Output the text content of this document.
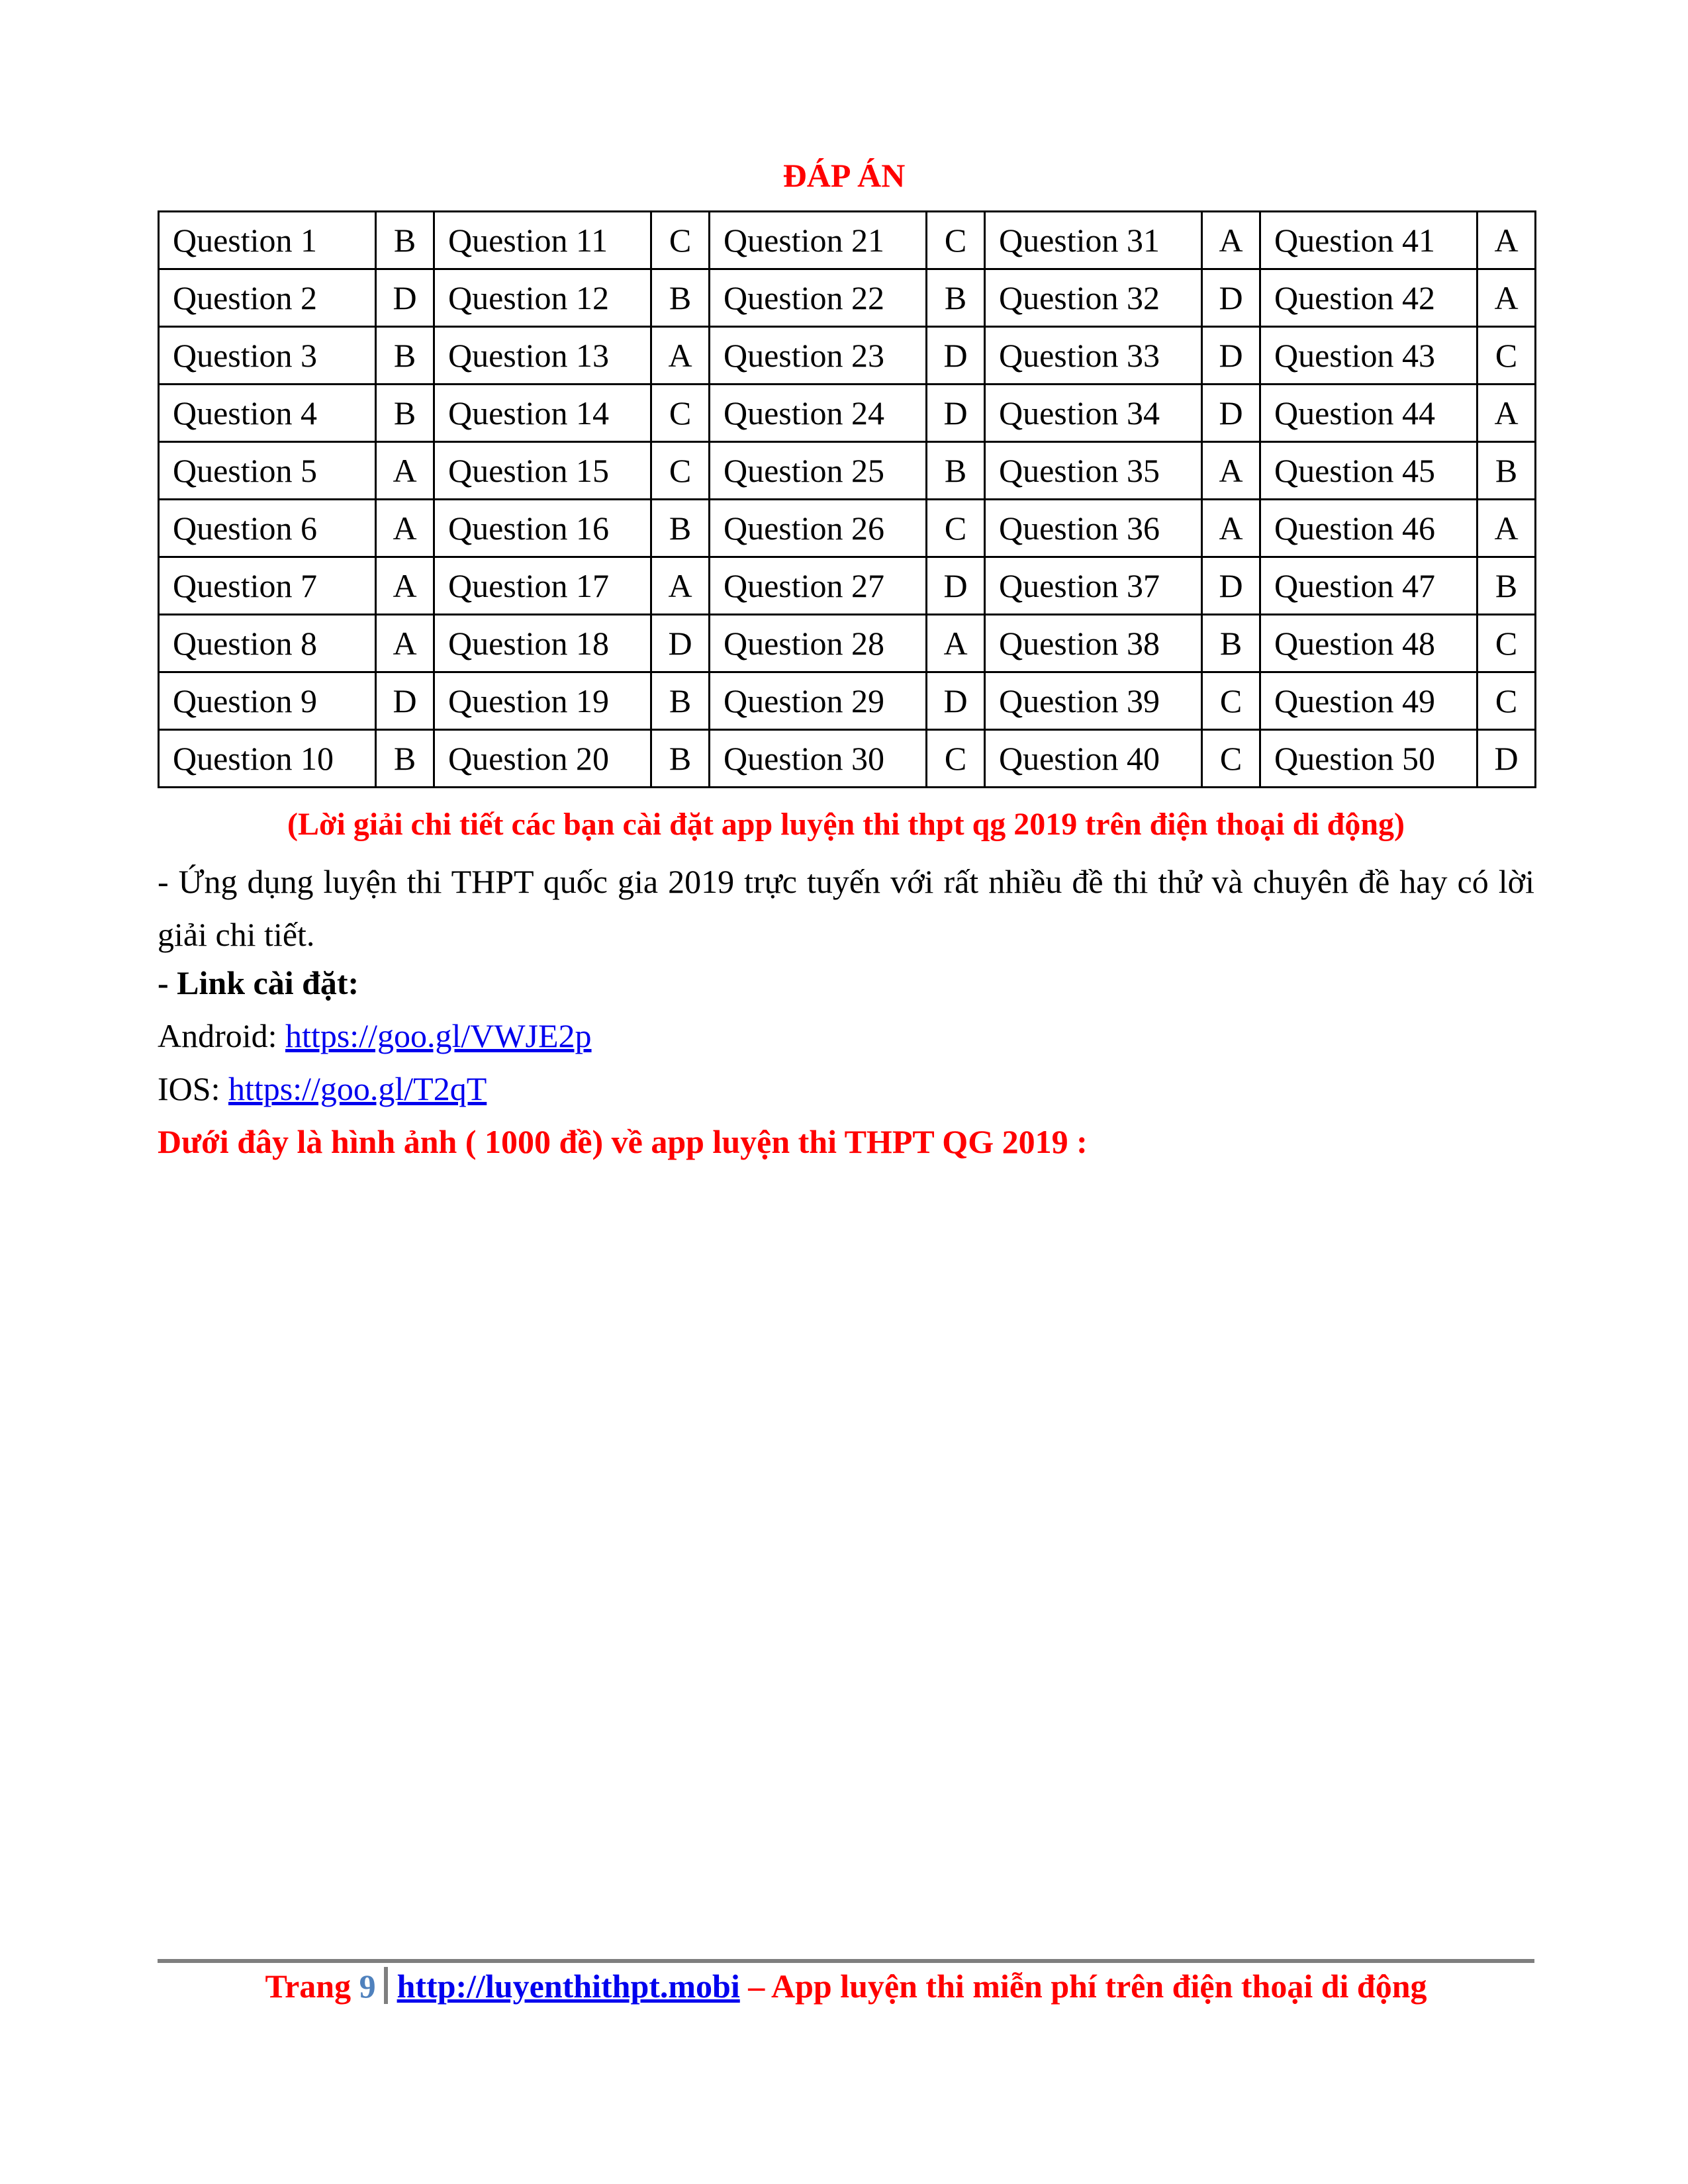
ĐÁP ÁN
Question 1	B	Question 11	C	Question 21	C	Question 31	A	Question 41	A
Question 2	D	Question 12	B	Question 22	B	Question 32	D	Question 42	A
Question 3	B	Question 13	A	Question 23	D	Question 33	D	Question 43	C
Question 4	B	Question 14	C	Question 24	D	Question 34	D	Question 44	A
Question 5	A	Question 15	C	Question 25	B	Question 35	A	Question 45	B
Question 6	A	Question 16	B	Question 26	C	Question 36	A	Question 46	A
Question 7	A	Question 17	A	Question 27	D	Question 37	D	Question 47	B
Question 8	A	Question 18	D	Question 28	A	Question 38	B	Question 48	C
Question 9	D	Question 19	B	Question 29	D	Question 39	C	Question 49	C
Question 10	B	Question 20	B	Question 30	C	Question 40	C	Question 50	D
(Lời giải chi tiết các bạn cài đặt app luyện thi thpt qg 2019 trên điện thoại di động)
- Ứng dụng luyện thi THPT quốc gia 2019 trực tuyến với rất nhiều đề thi thử và chuyên đề hay có lời giải chi tiết.
- Link cài đặt:
Android: https://goo.gl/VWJE2p
IOS: https://goo.gl/T2qT
Dưới đây là hình ảnh ( 1000 đề) về app luyện thi THPT QG 2019 :
Trang 9 http://luyenthithpt.mobi – App luyện thi miễn phí trên điện thoại di động
